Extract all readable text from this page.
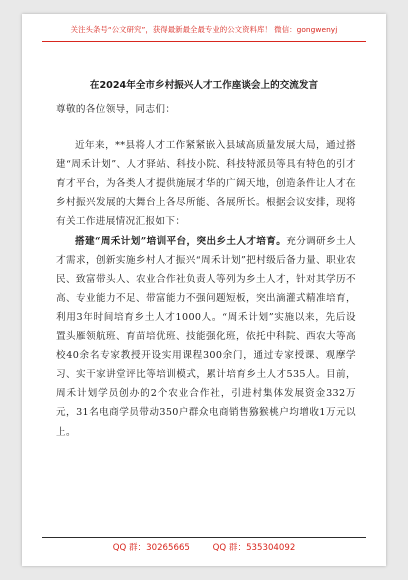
关注头条号“公文研究”，获得最新最全最专业的公文资料库！ 微信：gongwenyj
在2024年全市乡村振兴人才工作座谈会上的交流发言

尊敬的各位领导，同志们：

近年来，**县将人才工作紧紧嵌入县域高质量发展大局，通过搭建“周禾计划”、人才驿站、科技小院、科技特派员等具有特色的引才育才平台，为各类人才提供施展才华的广阔天地，创造条件让人才在乡村振兴发展的大舞台上各尽所能、各展所长。根据会议安排，现将有关工作进展情况汇报如下：

搭建“周禾计划”培训平台，突出乡土人才培育。充分调研乡土人才需求，创新实施乡村人才振兴“周禾计划”把村级后备力量、职业农民、致富带头人、农业合作社负责人等列为乡土人才，针对其学历不高、专业能力不足、带富能力不强问题短板，突出滴灌式精准培育，利用3年时间培育乡土人才1000人。“周禾计划”实施以来，先后设置头雁领航班、育苗培优班、技能强化班，依托中科院、西农大等高校40余名专家教授开设实用课程300余门，通过专家授课、观摩学习、实干家讲堂评比等培训模式，累计培育乡土人才535人。目前，周禾计划学员创办的2个农业合作社，引进村集体发展资金332万元，31名电商学员带动350户群众电商销售猕猴桃户均增收1万元以上。

QQ 群：30265665	QQ 群：535304092
